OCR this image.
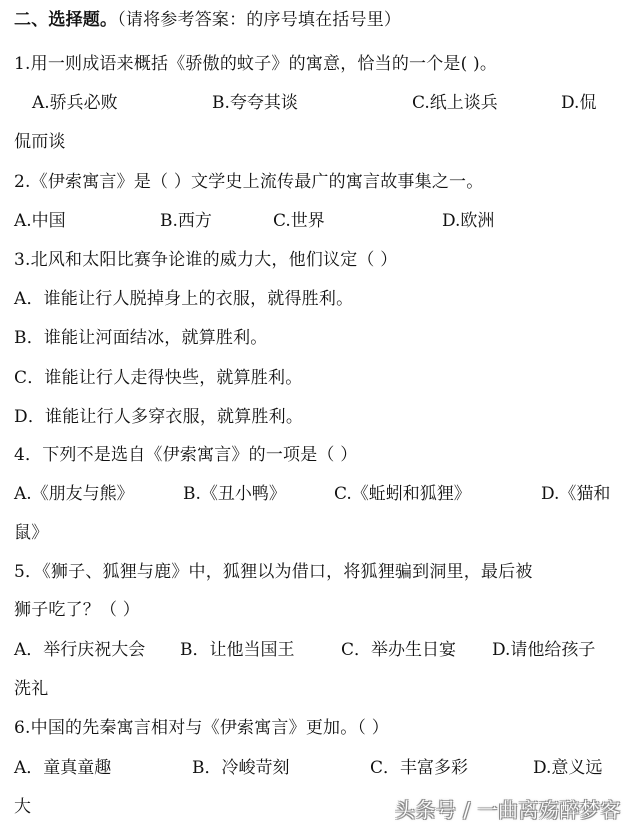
二、选择题。（请将参考答案：的序号填在括号里）
1.用一则成语来概括《骄傲的蚊子》的寓意，恰当的一个是( )。
A.骄兵必败	B.夸夸其谈	C.纸上谈兵	D.侃
侃而谈
2.《伊索寓言》是（ ）文学史上流传最广的寓言故事集之一。
A.中国	B.西方	C.世界	D.欧洲
3.北风和太阳比赛争论谁的威力大，他们议定（ ）
A．谁能让行人脱掉身上的衣服，就得胜利。
B．谁能让河面结冰，就算胜利。
C．谁能让行人走得快些，就算胜利。
D．谁能让行人多穿衣服，就算胜利。
4．下列不是选自《伊索寓言》的一项是（ ）
A.《朋友与熊》	B.《丑小鸭》	C.《蚯蚓和狐狸》	D.《猫和
鼠》
5．《狮子、狐狸与鹿》中，狐狸以为借口，将狐狸骗到洞里，最后被
狮子吃了？（ ）
A．举行庆祝大会 B．让他当国王	C．举办生日宴 D.请他给孩子
洗礼
6.中国的先秦寓言相对与《伊索寓言》更加。（ ）
A．童真童趣	B．冷峻苛刻	C．丰富多彩	D.意义远
大	头条号 / 一曲离殇醉梦客
